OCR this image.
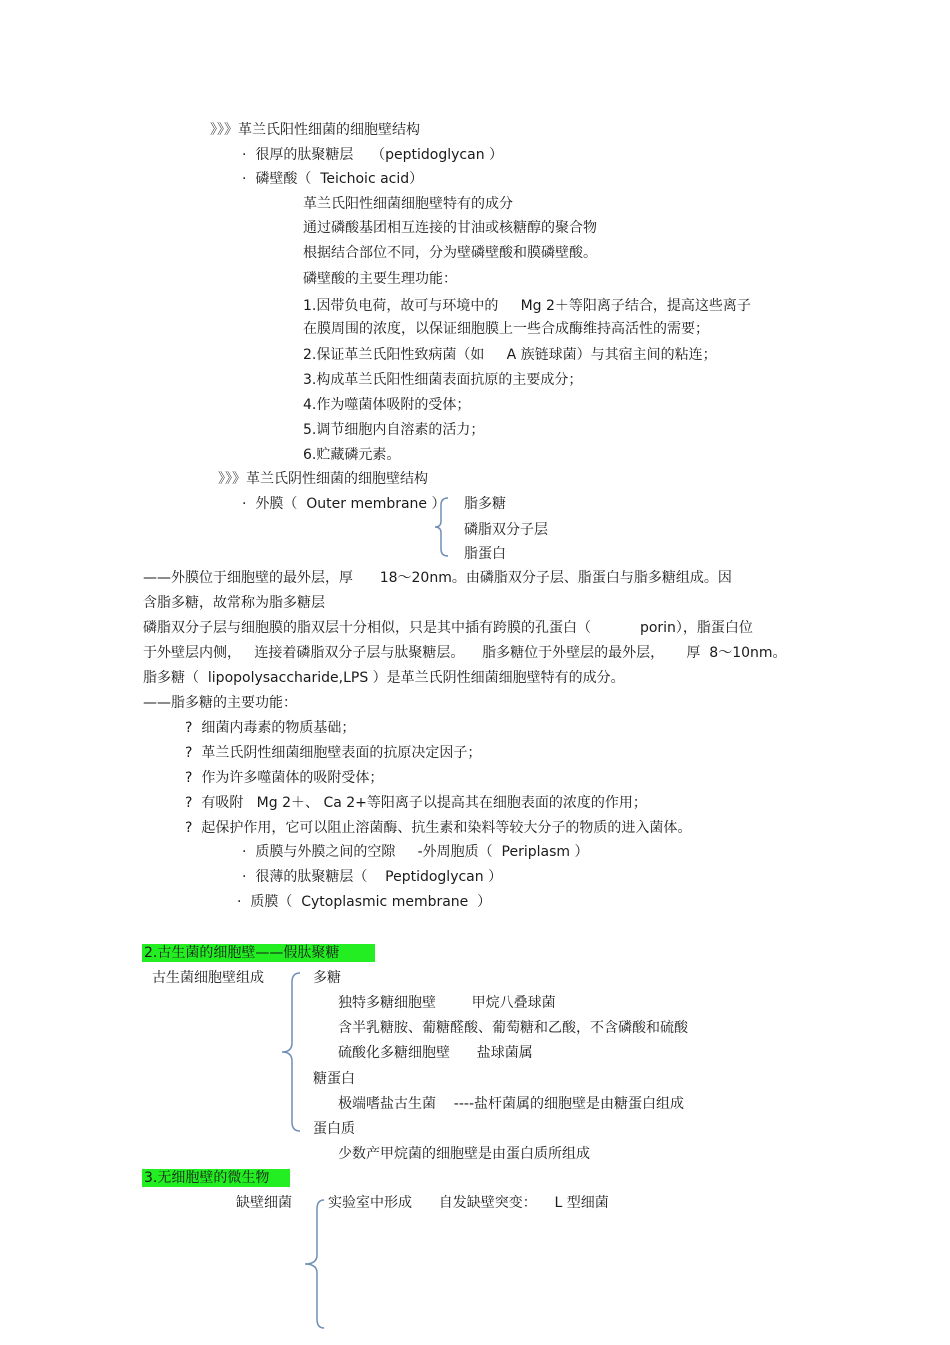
》》》革兰氏阳性细菌的细胞壁结构
·  很厚的肽聚糖层    （peptidoglycan ）
·  磷壁酸（  Teichoic acid）
革兰氏阳性细菌细胞壁特有的成分
通过磷酸基团相互连接的甘油或核糖醇的聚合物
根据结合部位不同，分为壁磷壁酸和膜磷壁酸。
磷壁酸的主要生理功能：
1.因带负电荷，故可与环境中的     Mg 2＋等阳离子结合，提高这些离子
在膜周围的浓度，以保证细胞膜上一些合成酶维持高活性的需要；
2.保证革兰氏阳性致病菌（如     A 族链球菌）与其宿主间的粘连；
3.构成革兰氏阳性细菌表面抗原的主要成分；
4.作为噬菌体吸附的受体；
5.调节细胞内自溶素的活力；
6.贮藏磷元素。
》》》革兰氏阴性细菌的细胞壁结构
·  外膜（  Outer membrane ） 脂多糖
磷脂双分子层
脂蛋白
——外膜位于细胞壁的最外层，厚      18～20nm。由磷脂双分子层、脂蛋白与脂多糖组成。因
含脂多糖，故常称为脂多糖层
磷脂双分子层与细胞膜的脂双层十分相似，只是其中插有跨膜的孔蛋白（           porin），脂蛋白位
于外壁层内侧，   连接着磷脂双分子层与肽聚糖层。    脂多糖位于外壁层的最外层，     厚  8～10nm。
脂多糖（  lipopolysaccharide,LPS ）是革兰氏阴性细菌细胞壁特有的成分。
——脂多糖的主要功能：
?  细菌内毒素的物质基础；
?  革兰氏阴性细菌细胞壁表面的抗原决定因子；
?  作为许多噬菌体的吸附受体；
?  有吸附   Mg 2＋、 Ca 2+等阳离子以提高其在细胞表面的浓度的作用；
?  起保护作用，它可以阻止溶菌酶、抗生素和染料等较大分子的物质的进入菌体。
·  质膜与外膜之间的空隙     -外周胞质（  Periplasm ）
·  很薄的肽聚糖层（    Peptidoglycan ）
·  质膜（  Cytoplasmic membrane  ）
2.古生菌的细胞壁——假肽聚糖
古生菌细胞壁组成	多糖
独特多糖细胞壁        甲烷八叠球菌
含半乳糖胺、葡糖醛酸、葡萄糖和乙酸，不含磷酸和硫酸
硫酸化多糖细胞壁      盐球菌属
糖蛋白
极端嗜盐古生菌    ----盐杆菌属的细胞壁是由糖蛋白组成
蛋白质
少数产甲烷菌的细胞壁是由蛋白质所组成
3.无细胞壁的微生物
缺壁细菌	实验室中形成      自发缺壁突变：    L 型细菌
